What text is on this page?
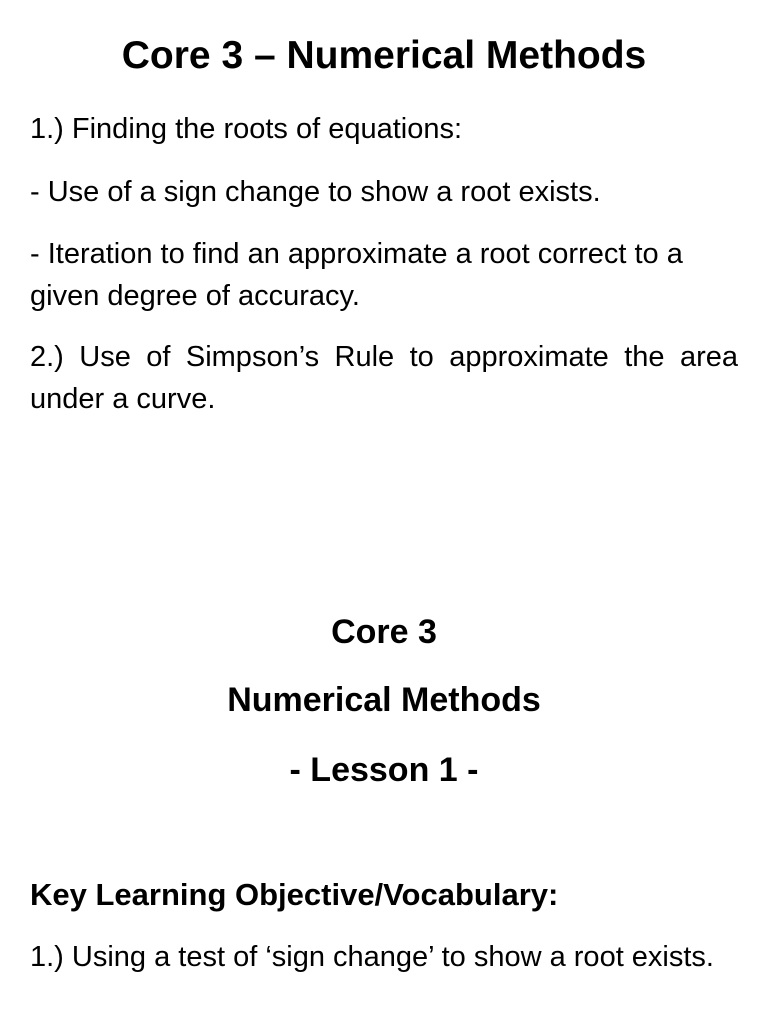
Core 3 – Numerical Methods

1.) Finding the roots of equations:

- Use of a sign change to show a root exists.

- Iteration to find an approximate a root correct to a given degree of accuracy.

2.) Use of Simpson’s Rule to approximate the area under a curve.

Core 3
Numerical Methods
- Lesson 1 -
Key Learning Objective/Vocabulary:

1.) Using a test of ‘sign change’ to show a root exists.
